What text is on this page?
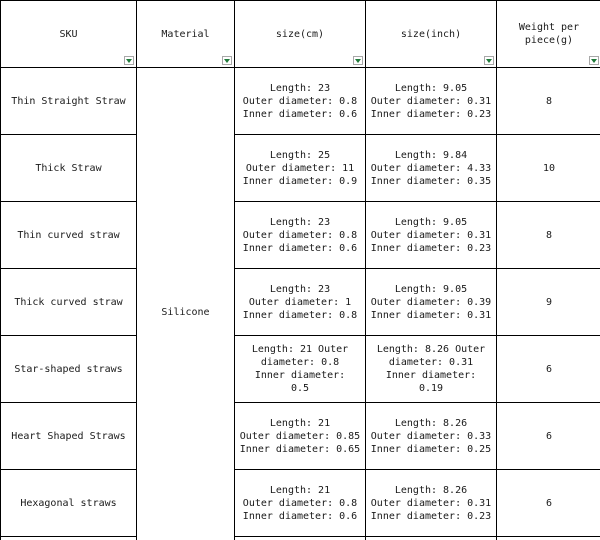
SKU	Material	size(cm)	size(inch)	Weight per piece(g)

Thin Straight Straw	Silicone	Length: 23
Outer diameter: 0.8
Inner diameter: 0.6	Length: 9.05
Outer diameter: 0.31
Inner diameter: 0.23	8
Thick Straw		Length: 25
Outer diameter: 11
Inner diameter: 0.9	Length: 9.84
Outer diameter: 4.33
Inner diameter: 0.35	10
Thin curved straw		Length: 23
Outer diameter: 0.8
Inner diameter: 0.6	Length: 9.05
Outer diameter: 0.31
Inner diameter: 0.23	8
Thick curved straw		Length: 23
Outer diameter: 1
Inner diameter: 0.8	Length: 9.05
Outer diameter: 0.39
Inner diameter: 0.31	9
Star-shaped straws		Length: 21 Outer diameter: 0.8 Inner diameter: 0.5	Length: 8.26 Outer diameter: 0.31 Inner diameter: 0.19	6
Heart Shaped Straws		Length: 21
Outer diameter: 0.85
Inner diameter: 0.65	Length: 8.26
Outer diameter: 0.33
Inner diameter: 0.25	6
Hexagonal straws		Length: 21
Outer diameter: 0.8
Inner diameter: 0.6	Length: 8.26
Outer diameter: 0.31
Inner diameter: 0.23	6
